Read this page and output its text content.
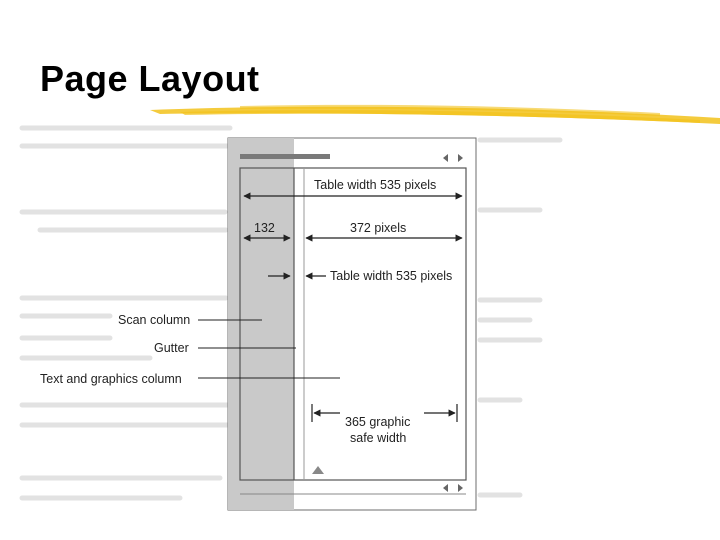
Page Layout
Table width 535 pixels
132	372 pixels
Table width 535 pixels
Scan column
Gutter
Text and graphics column
365 graphic
safe width
